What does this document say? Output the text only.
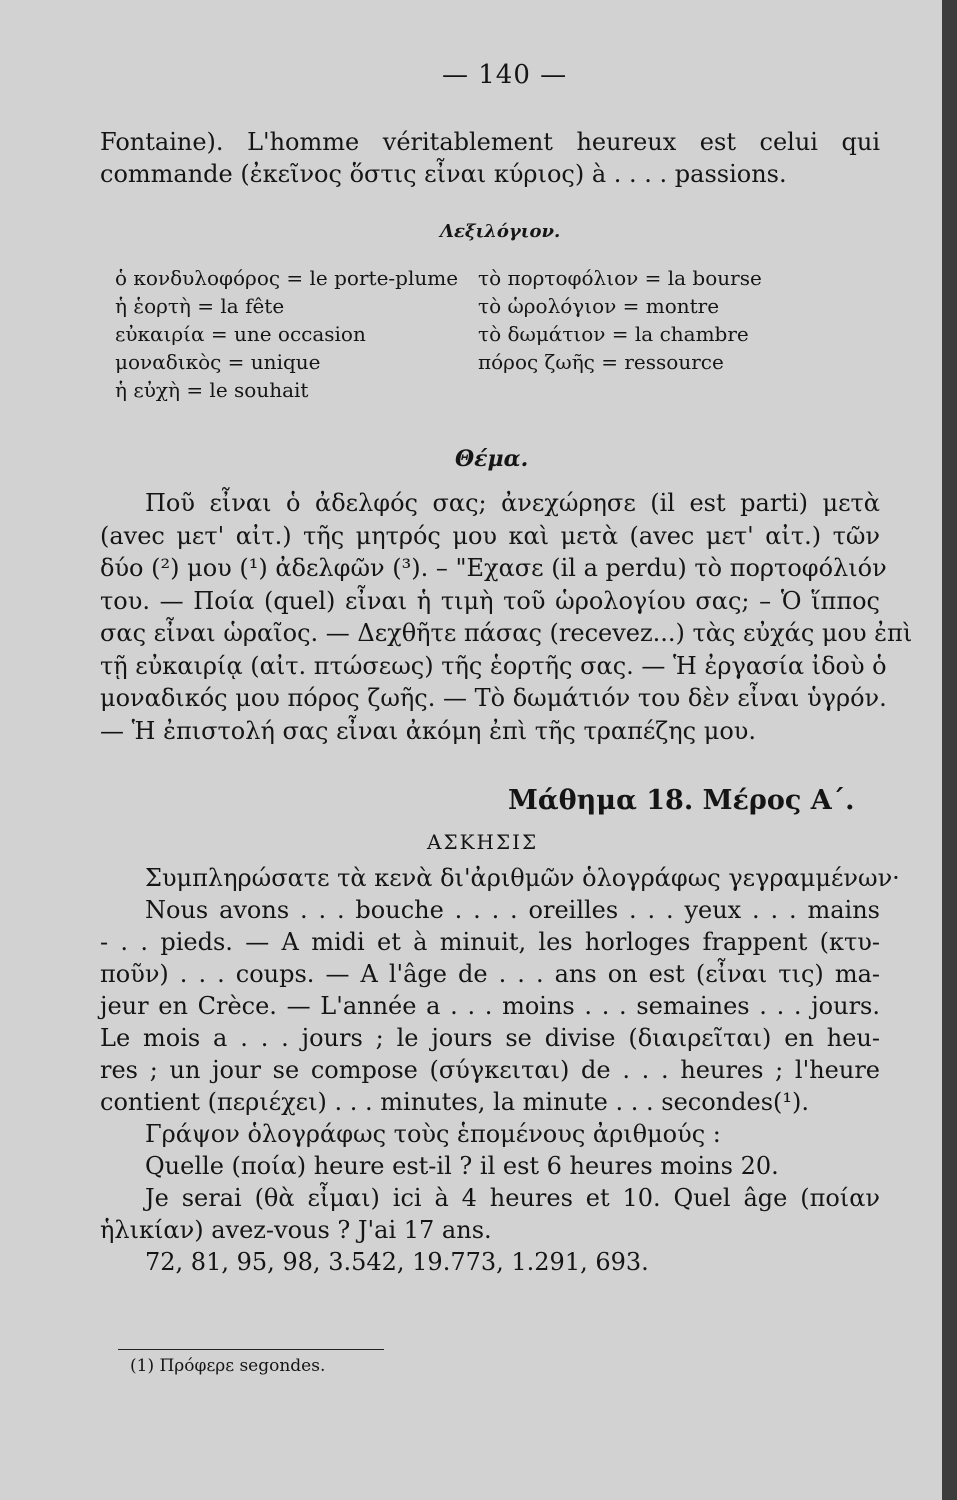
— 140 —
Fontaine). L'homme véritablement heureux est celui qui
commande (ἐκεῖνος ὅστις εἶναι κύριος) à . . . . passions.
Λεξιλόγιον.
ὁ κονδυλοφόρος = le porte-plume
ἡ ἑορτὴ = la fête
εὐκαιρία = une occasion
μοναδικὸς = unique
ἡ εὐχὴ = le souhait
τὸ πορτοφόλιον = la bourse
τὸ ὡρολόγιον = montre
τὸ δωμάτιον = la chambre
πόρος ζωῆς = ressource
Θέμα.
Ποῦ εἶναι ὁ ἀδελφός σας; ἀνεχώρησε (il est parti) μετὰ
(avec μετ' αἰτ.) τῆς μητρός μου καὶ μετὰ (avec μετ' αἰτ.) τῶν
δύο (²) μου (¹) ἀδελφῶν (³). – "Εχασε (il a perdu) τὸ πορτοφόλιόν
του. — Ποία (quel) εἶναι ἡ τιμὴ τοῦ ὡρολογίου σας; – Ὁ ἵππος
σας εἶναι ὡραῖος. — Δεχθῆτε πάσας (recevez...) τὰς εὐχάς μου ἐπὶ
τῇ εὐκαιρίᾳ (αἰτ. πτώσεως) τῆς ἑορτῆς σας. — Ἡ ἐργασία ἰδοὺ ὁ
μοναδικός μου πόρος ζωῆς. — Τὸ δωμάτιόν του δὲν εἶναι ὑγρόν.
— Ἡ ἐπιστολή σας εἶναι ἀκόμη ἐπὶ τῆς τραπέζης μου.
Μάθημα 18. Μέρος Α΄.
ΑΣΚΗΣΙΣ
Συμπληρώσατε τὰ κενὰ δι'ἀριθμῶν ὁλογράφως γεγραμμένων·
Nous avons . . . bouche . . . . oreilles . . . yeux . . . mains
- . . pieds. — A midi et à minuit, les horloges frappent (κτυ-
ποῦν) . . . coups. — A l'âge de . . . ans on est (εἶναι τις) ma-
jeur en Crèce. — L'année a . . . moins . . . semaines . . . jours.
Le mois a . . . jours ; le jours se divise (διαιρεῖται) en heu-
res ; un jour se compose (σύγκειται) de . . . heures ; l'heure
contient (περιέχει) . . . minutes, la minute . . . secondes(¹).
Γράψον ὁλογράφως τοὺς ἑπομένους ἀριθμούς :
Quelle (ποία) heure est-il ? il est 6 heures moins 20.
Je serai (θὰ εἶμαι) ici à 4 heures et 10. Quel âge (ποίαν
ἡλικίαν) avez-vous ? J'ai 17 ans.
72, 81, 95, 98, 3.542, 19.773, 1.291, 693.
(1) Πρόφερε segondes.
